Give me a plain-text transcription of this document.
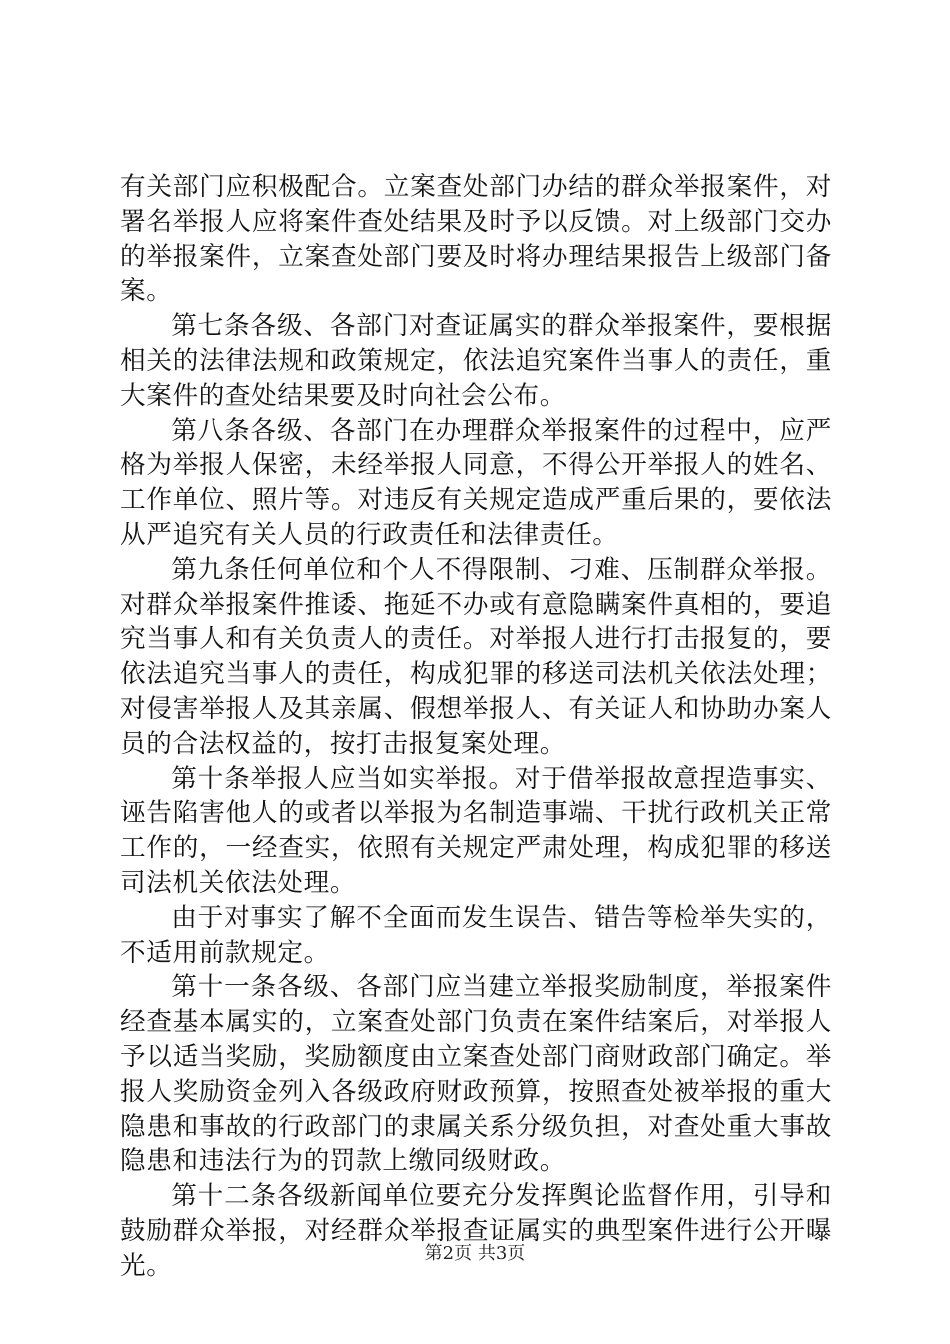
有关部门应积极配合。立案查处部门办结的群众举报案件，对署名举报人应将案件查处结果及时予以反馈。对上级部门交办的举报案件，立案查处部门要及时将办理结果报告上级部门备案。

第七条各级、各部门对查证属实的群众举报案件，要根据相关的法律法规和政策规定，依法追究案件当事人的责任，重大案件的查处结果要及时向社会公布。

第八条各级、各部门在办理群众举报案件的过程中，应严格为举报人保密，未经举报人同意，不得公开举报人的姓名、工作单位、照片等。对违反有关规定造成严重后果的，要依法从严追究有关人员的行政责任和法律责任。

第九条任何单位和个人不得限制、刁难、压制群众举报。对群众举报案件推诿、拖延不办或有意隐瞒案件真相的，要追究当事人和有关负责人的责任。对举报人进行打击报复的，要依法追究当事人的责任，构成犯罪的移送司法机关依法处理；对侵害举报人及其亲属、假想举报人、有关证人和协助办案人员的合法权益的，按打击报复案处理。

第十条举报人应当如实举报。对于借举报故意捏造事实、诬告陷害他人的或者以举报为名制造事端、干扰行政机关正常工作的，一经查实，依照有关规定严肃处理，构成犯罪的移送司法机关依法处理。

由于对事实了解不全面而发生误告、错告等检举失实的，不适用前款规定。

第十一条各级、各部门应当建立举报奖励制度，举报案件经查基本属实的，立案查处部门负责在案件结案后，对举报人予以适当奖励，奖励额度由立案查处部门商财政部门确定。举报人奖励资金列入各级政府财政预算，按照查处被举报的重大隐患和事故的行政部门的隶属关系分级负担，对查处重大事故隐患和违法行为的罚款上缴同级财政。

第十二条各级新闻单位要充分发挥舆论监督作用，引导和鼓励群众举报，对经群众举报查证属实的典型案件进行公开曝光。	第2页 共3页
